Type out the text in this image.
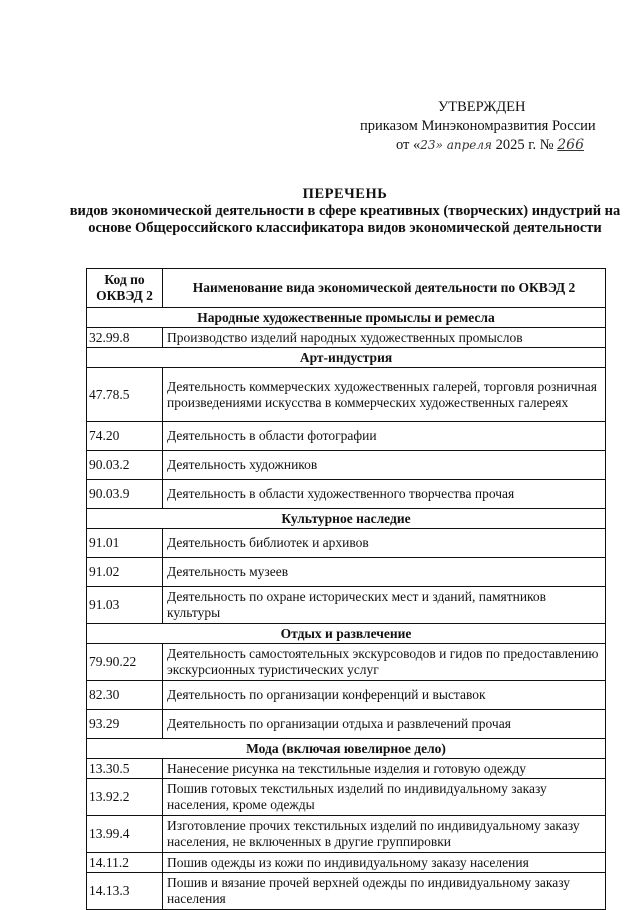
УТВЕРЖДЕН
приказом Минэкономразвития России
от «23» апреля 2025 г. № 266
ПЕРЕЧЕНЬ
видов экономической деятельности в сфере креативных (творческих) индустрий на основе Общероссийского классификатора видов экономической деятельности
Код по ОКВЭД 2	Наименование вида экономической деятельности по ОКВЭД 2
Народные художественные промыслы и ремесла	
32.99.8	Производство изделий народных художественных промыслов
Арт-индустрия	
47.78.5	Деятельность коммерческих художественных галерей, торговля розничная произведениями искусства в коммерческих художественных галереях
74.20	Деятельность в области фотографии
90.03.2	Деятельность художников
90.03.9	Деятельность в области художественного творчества прочая
Культурное наследие	
91.01	Деятельность библиотек и архивов
91.02	Деятельность музеев
91.03	Деятельность по охране исторических мест и зданий, памятников культуры
Отдых и развлечение	
79.90.22	Деятельность самостоятельных экскурсоводов и гидов по предоставлению экскурсионных туристических услуг
82.30	Деятельность по организации конференций и выставок
93.29	Деятельность по организации отдыха и развлечений прочая
Мода (включая ювелирное дело)	
13.30.5	Нанесение рисунка на текстильные изделия и готовую одежду
13.92.2	Пошив готовых текстильных изделий по индивидуальному заказу населения, кроме одежды
13.99.4	Изготовление прочих текстильных изделий по индивидуальному заказу населения, не включенных в другие группировки
14.11.2	Пошив одежды из кожи по индивидуальному заказу населения
14.13.3	Пошив и вязание прочей верхней одежды по индивидуальному заказу населения
